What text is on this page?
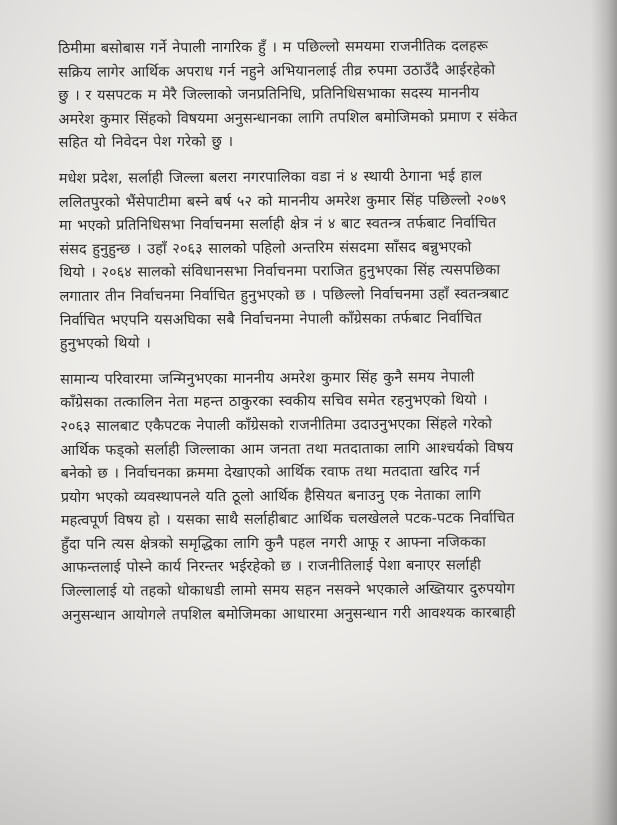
ठिमीमा बसोबास गर्ने नेपाली नागरिक हुँ । म पछिल्लो समयमा राजनीतिक दलहरू
सक्रिय लागेर आर्थिक अपराध गर्न नहुने अभियानलाई तीव्र रुपमा उठाउँदै आईरहेको
छु । र यसपटक म मेरै जिल्लाको जनप्रतिनिधि, प्रतिनिधिसभाका सदस्य माननीय
अमरेश कुमार सिंहको विषयमा अनुसन्धानका लागि तपशिल बमोजिमको प्रमाण र संकेत
सहित यो निवेदन पेश गरेको छु ।
मधेश प्रदेश, सर्लाही जिल्ला बलरा नगरपालिका वडा नं ४ स्थायी ठेगाना भई हाल
ललितपुरको भैंसेपाटीमा बस्ने बर्ष ५२ को माननीय अमरेश कुमार सिंह पछिल्लो २०७९
मा भएको प्रतिनिधिसभा निर्वाचनमा सर्लाही क्षेत्र नं ४ बाट स्वतन्त्र तर्फबाट निर्वाचित
संसद हुनुहुन्छ । उहाँ २०६३ सालको पहिलो अन्तरिम संसदमा साँसद बन्नुभएको
थियो । २०६४ सालको संविधानसभा निर्वाचनमा पराजित हुनुभएका सिंह त्यसपछिका
लगातार तीन निर्वाचनमा निर्वाचित हुनुभएको छ । पछिल्लो निर्वाचनमा उहाँ स्वतन्त्रबाट
निर्वाचित भएपनि यसअघिका सबै निर्वाचनमा नेपाली काँग्रेसका तर्फबाट निर्वाचित
हुनुभएको थियो ।
सामान्य परिवारमा जन्मिनुभएका माननीय अमरेश कुमार सिंह कुनै समय नेपाली
काँग्रेसका तत्कालिन नेता महन्त ठाकुरका स्वकीय सचिव समेत रहनुभएको थियो ।
२०६३ सालबाट एकैपटक नेपाली काँग्रेसको राजनीतिमा उदाउनुभएका सिंहले गरेको
आर्थिक फड्को सर्लाही जिल्लाका आम जनता तथा मतदाताका लागि आश्चर्यको विषय
बनेको छ । निर्वाचनका क्रममा देखाएको आर्थिक रवाफ तथा मतदाता खरिद गर्न
प्रयोग भएको व्यवस्थापनले यति ठूलो आर्थिक हैसियत बनाउनु एक नेताका लागि
महत्वपूर्ण विषय हो । यसका साथै सर्लाहीबाट आर्थिक चलखेलले पटक-पटक निर्वाचित
हुँदा पनि त्यस क्षेत्रको समृद्धिका लागि कुनै पहल नगरी आफू र आफ्ना नजिकका
आफन्तलाई पोस्ने कार्य निरन्तर भईरहेको छ । राजनीतिलाई पेशा बनाएर सर्लाही
जिल्लालाई यो तहको धोकाधडी लामो समय सहन नसक्ने भएकाले अख्तियार दुरुपयोग
अनुसन्धान आयोगले तपशिल बमोजिमका आधारमा अनुसन्धान गरी आवश्यक कारबाही
